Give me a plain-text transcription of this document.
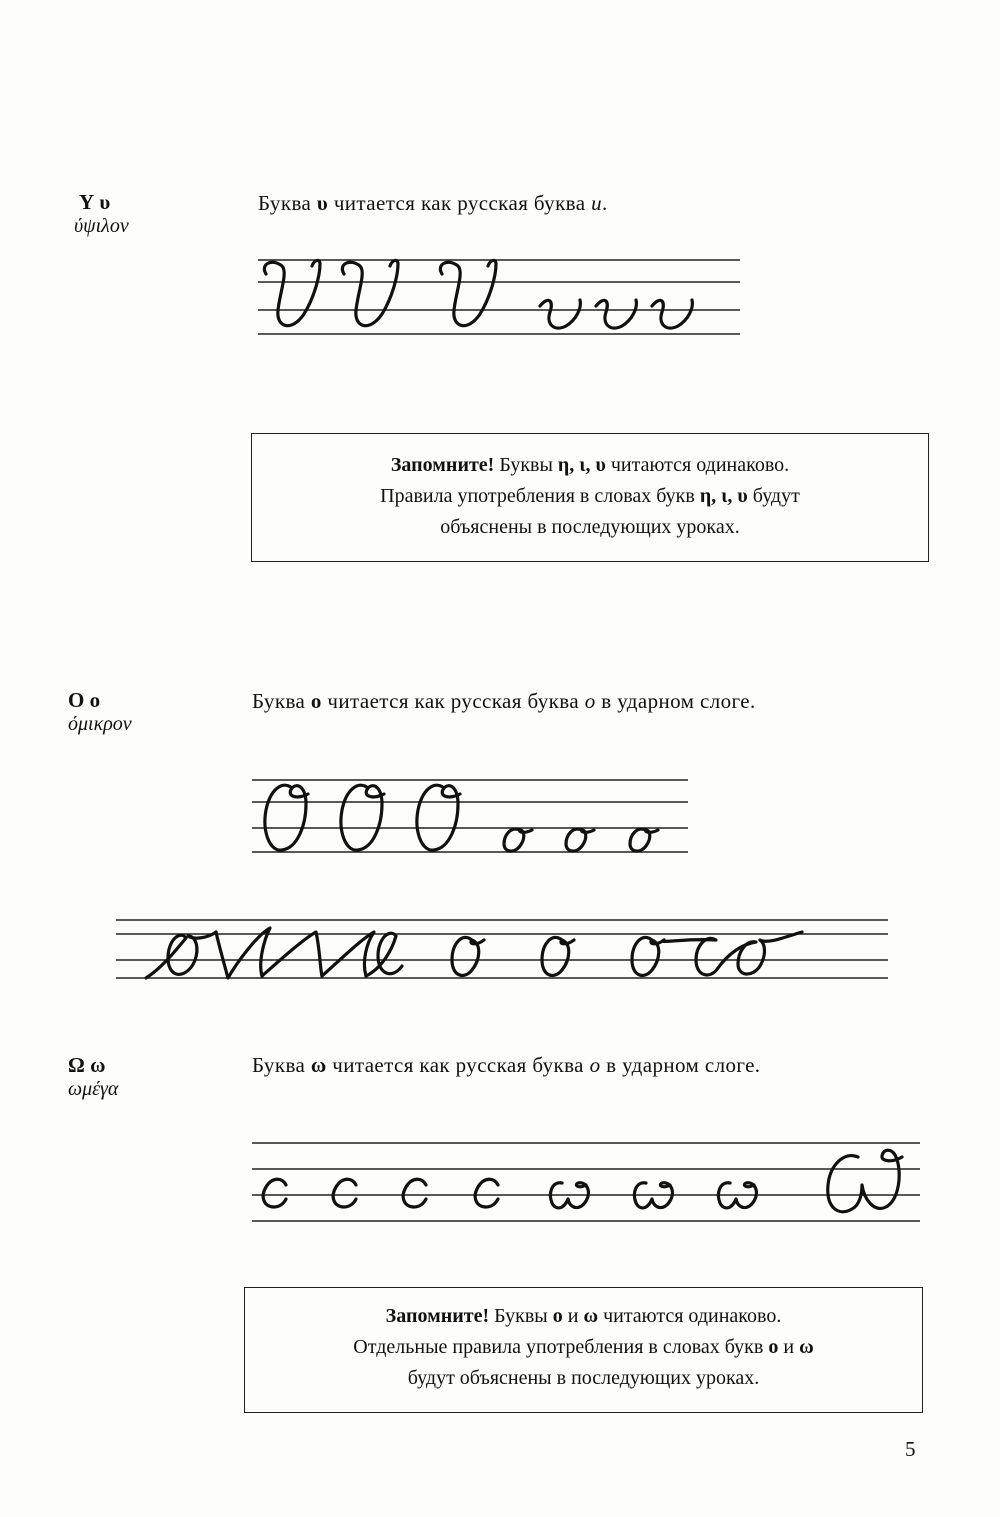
Υ υ
ύψιλον
Буква υ читается как русская буква и.
Запомните! Буквы η, ι, υ читаются одинаково.
Правила употребления в словах букв η, ι, υ будут
объяснены в последующих уроках.
Ο ο
όμικρον
Буква ο читается как русская буква о в ударном слоге.
Ω ω
ωμέγα
Буква ω читается как русская буква о в ударном слоге.
Запомните! Буквы ο и ω читаются одинаково.
Отдельные правила употребления в словах букв ο и ω
будут объяснены в последующих уроках.
5
